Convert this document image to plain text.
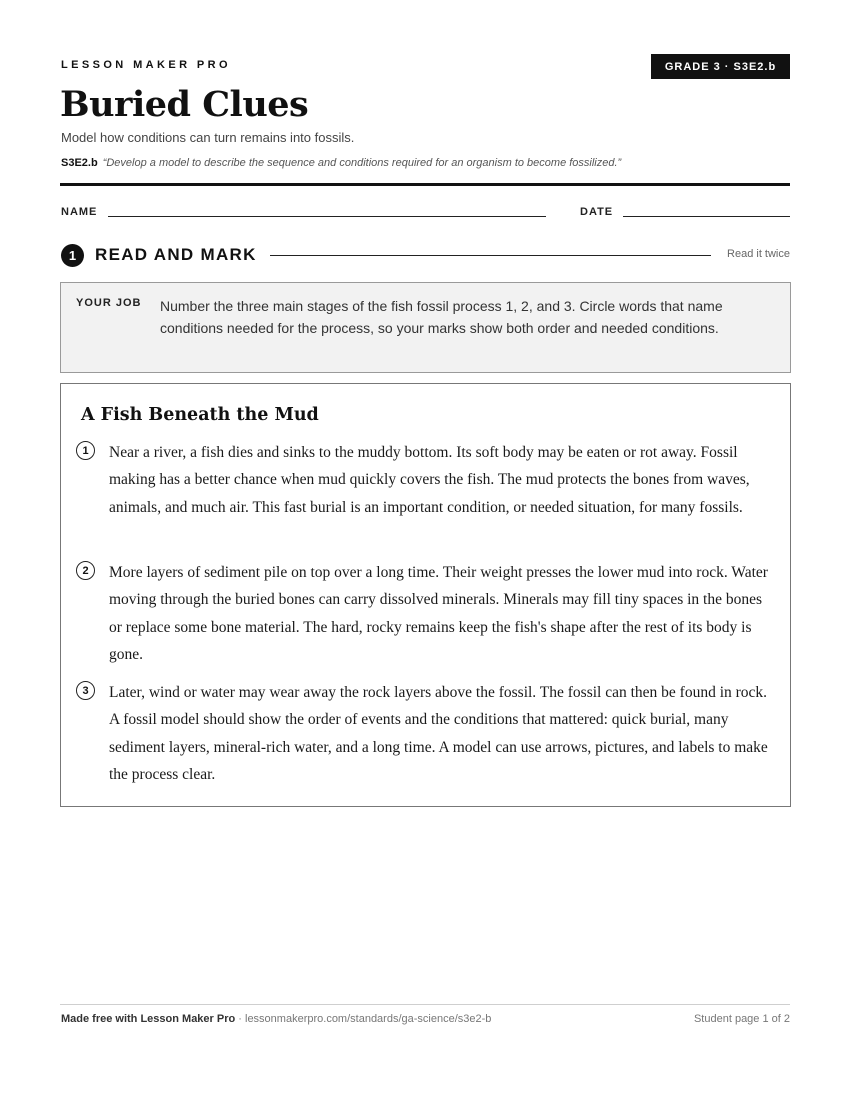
LESSON MAKER PRO	GRADE 3 · S3E2.b
Buried Clues
Model how conditions can turn remains into fossils.
S3E2.b “Develop a model to describe the sequence and conditions required for an organism to become fossilized.”
NAME	DATE
1	READ AND MARK	Read it twice
YOUR JOB Number the three main stages of the fish fossil process 1, 2, and 3. Circle words that name conditions needed for the process, so your marks show both order and needed conditions.
A Fish Beneath the Mud
1	Near a river, a fish dies and sinks to the muddy bottom. Its soft body may be eaten or rot away. Fossil making has a better chance when mud quickly covers the fish. The mud protects the bones from waves, animals, and much air. This fast burial is an important condition, or needed situation, for many fossils.
2	More layers of sediment pile on top over a long time. Their weight presses the lower mud into rock. Water moving through the buried bones can carry dissolved minerals. Minerals may fill tiny spaces in the bones or replace some bone material. The hard, rocky remains keep the fish's shape after the rest of its body is gone.
3	Later, wind or water may wear away the rock layers above the fossil. The fossil can then be found in rock. A fossil model should show the order of events and the conditions that mattered: quick burial, many sediment layers, mineral-rich water, and a long time. A model can use arrows, pictures, and labels to make the process clear.
Made free with Lesson Maker Pro · lessonmakerpro.com/standards/ga-science/s3e2-b	Student page 1 of 2
